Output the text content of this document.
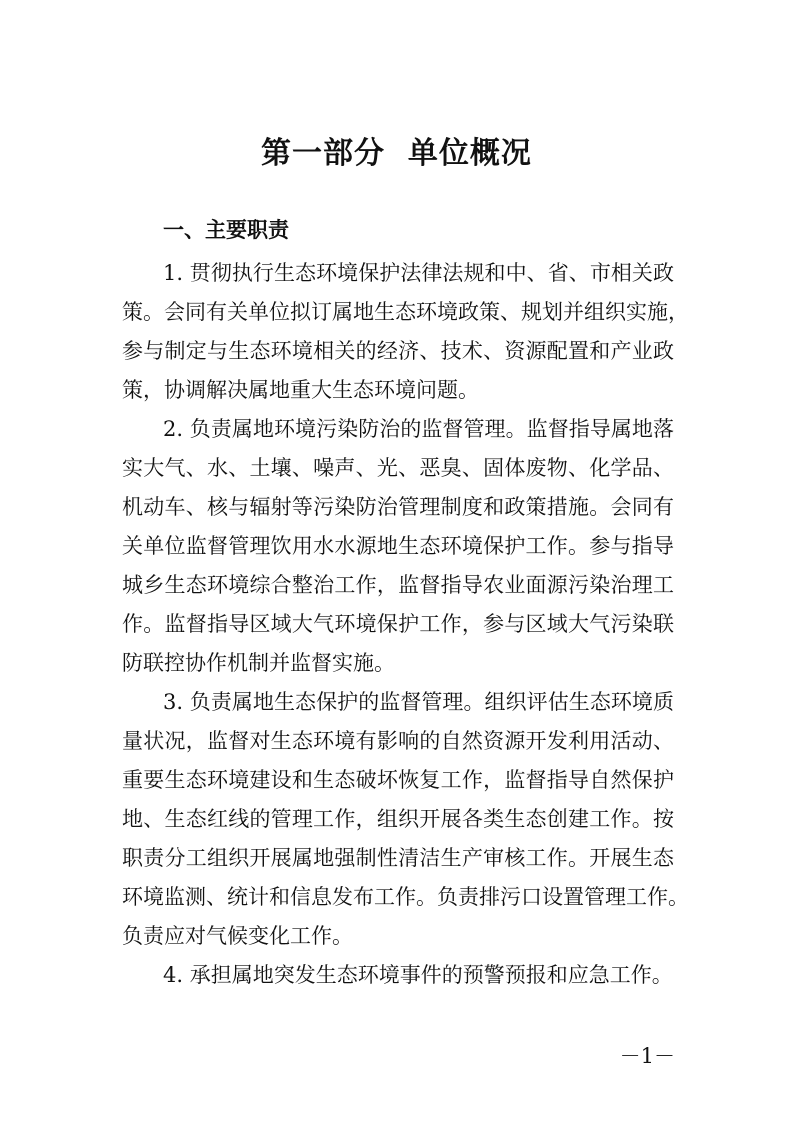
第一部分  单位概况
一、主要职责
1. 贯彻执行生态环境保护法律法规和中、省、市相关政
策。会同有关单位拟订属地生态环境政策、规划并组织实施，
参与制定与生态环境相关的经济、技术、资源配置和产业政
策，协调解决属地重大生态环境问题。
2. 负责属地环境污染防治的监督管理。监督指导属地落
实大气、水、土壤、噪声、光、恶臭、固体废物、化学品、
机动车、核与辐射等污染防治管理制度和政策措施。会同有
关单位监督管理饮用水水源地生态环境保护工作。参与指导
城乡生态环境综合整治工作，监督指导农业面源污染治理工
作。监督指导区域大气环境保护工作，参与区域大气污染联
防联控协作机制并监督实施。
3. 负责属地生态保护的监督管理。组织评估生态环境质
量状况，监督对生态环境有影响的自然资源开发利用活动、
重要生态环境建设和生态破坏恢复工作，监督指导自然保护
地、生态红线的管理工作，组织开展各类生态创建工作。按
职责分工组织开展属地强制性清洁生产审核工作。开展生态
环境监测、统计和信息发布工作。负责排污口设置管理工作。
负责应对气候变化工作。
4. 承担属地突发生态环境事件的预警预报和应急工作。
－1－
